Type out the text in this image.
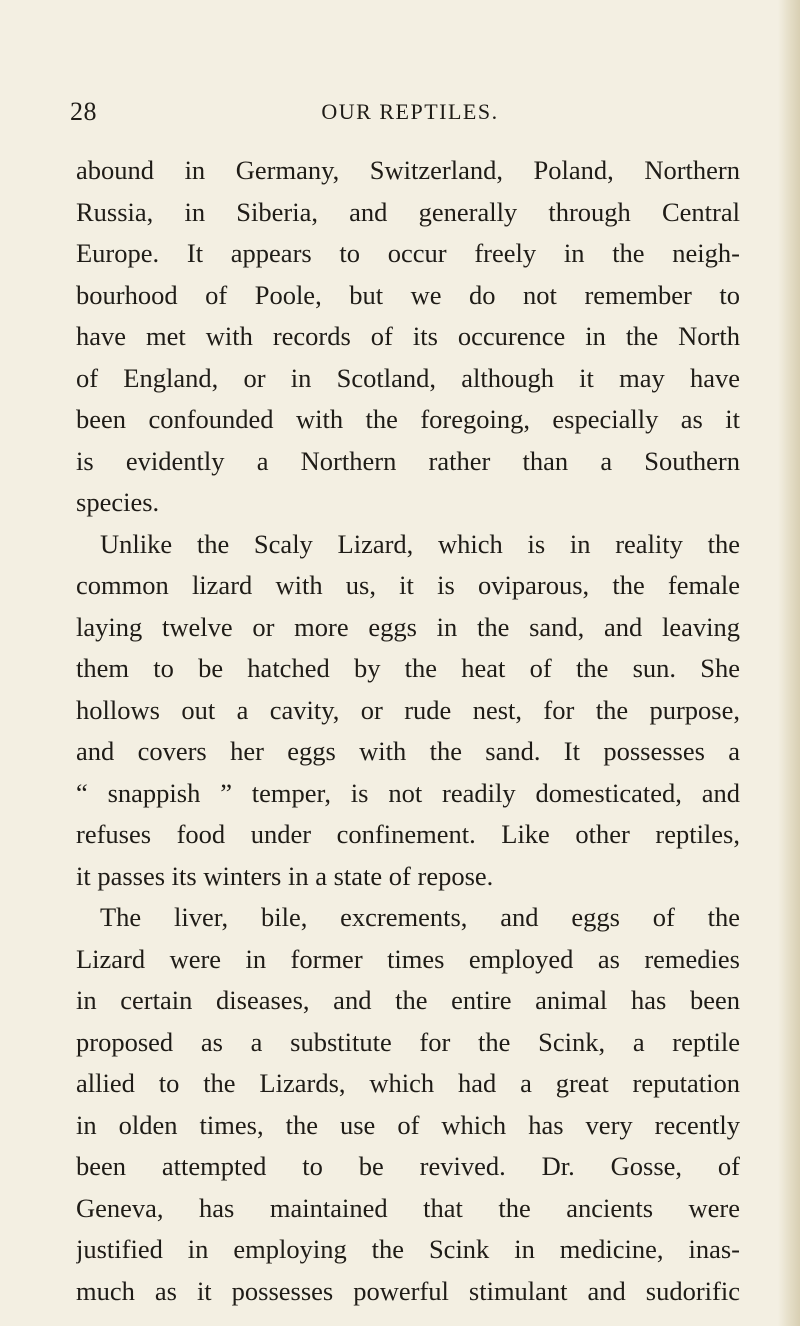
28	OUR REPTILES.
abound in Germany, Switzerland, Poland, Northern
Russia, in Siberia, and generally through Central
Europe. It appears to occur freely in the neigh-
bourhood of Poole, but we do not remember to
have met with records of its occurence in the North
of England, or in Scotland, although it may have
been confounded with the foregoing, especially as it
is evidently a Northern rather than a Southern
species.
Unlike the Scaly Lizard, which is in reality the
common lizard with us, it is oviparous, the female
laying twelve or more eggs in the sand, and leaving
them to be hatched by the heat of the sun. She
hollows out a cavity, or rude nest, for the purpose,
and covers her eggs with the sand. It possesses a
“ snappish ” temper, is not readily domesticated, and
refuses food under confinement. Like other reptiles,
it passes its winters in a state of repose.
The liver, bile, excrements, and eggs of the
Lizard were in former times employed as remedies
in certain diseases, and the entire animal has been
proposed as a substitute for the Scink, a reptile
allied to the Lizards, which had a great reputation
in olden times, the use of which has very recently
been attempted to be revived. Dr. Gosse, of
Geneva, has maintained that the ancients were
justified in employing the Scink in medicine, inas-
much as it possesses powerful stimulant and sudorific
